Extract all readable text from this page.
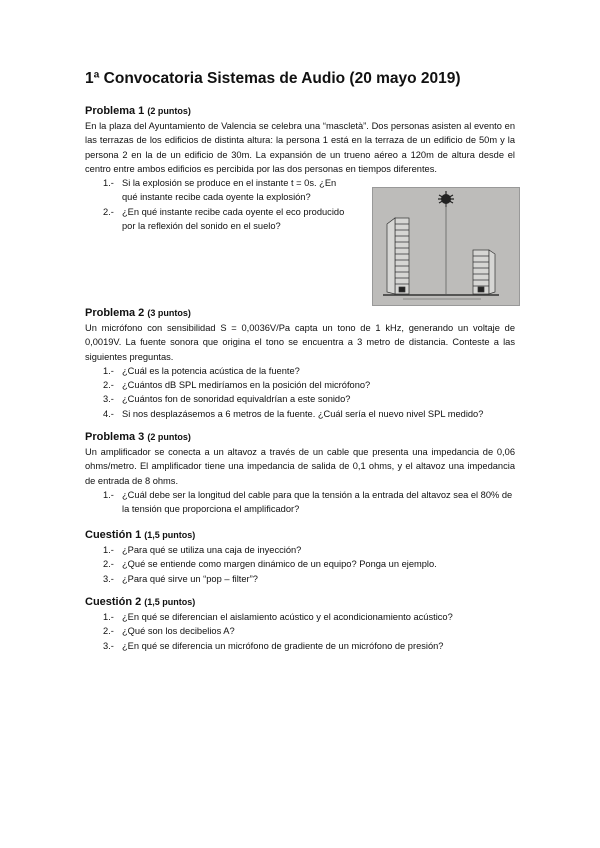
1ª Convocatoria Sistemas de Audio (20 mayo 2019)
Problema 1 (2 puntos)
En la plaza del Ayuntamiento de Valencia se celebra una “mascletà”. Dos personas asisten al evento en las terrazas de los edificios de distinta altura: la persona 1 está en la terraza de un edificio de 50m y la persona 2 en la de un edificio de 30m. La expansión de un trueno aéreo a 120m de altura desde el centro entre ambos edificios es percibida por las dos personas en tiempos diferentes.
1.- Si la explosión se produce en el instante t = 0s. ¿En qué instante recibe cada oyente la explosión?
2.- ¿En qué instante recibe cada oyente el eco producido por la reflexión del sonido en el suelo?
Problema 2 (3 puntos)
Un micrófono con sensibilidad S = 0,0036V/Pa capta un tono de 1 kHz, generando un voltaje de 0,0019V. La fuente sonora que origina el tono se encuentra a 3 metro de distancia. Conteste a las siguientes preguntas.
1.- ¿Cuál es la potencia acústica de la fuente?
2.- ¿Cuántos dB SPL mediríamos en la posición del micrófono?
3.- ¿Cuántos fon de sonoridad equivaldrían a este sonido?
4.- Si nos desplazásemos a 6 metros de la fuente. ¿Cuál sería el nuevo nivel SPL medido?
Problema 3 (2 puntos)
Un amplificador se conecta a un altavoz a través de un cable que presenta una impedancia de 0,06 ohms/metro. El amplificador tiene una impedancia de salida de 0,1 ohms, y el altavoz una impedancia de entrada de 8 ohms.
1.- ¿Cuál debe ser la longitud del cable para que la tensión a la entrada del altavoz sea el 80% de la tensión que proporciona el amplificador?
Cuestión 1 (1,5 puntos)
1.- ¿Para qué se utiliza una caja de inyección?
2.- ¿Qué se entiende como margen dinámico de un equipo? Ponga un ejemplo.
3.- ¿Para qué sirve un “pop – filter”?
Cuestión 2 (1,5 puntos)
1.- ¿En qué se diferencian el aislamiento acústico y el acondicionamiento acústico?
2.- ¿Qué son los decibelios A?
3.- ¿En qué se diferencia un micrófono de gradiente de un micrófono de presión?
